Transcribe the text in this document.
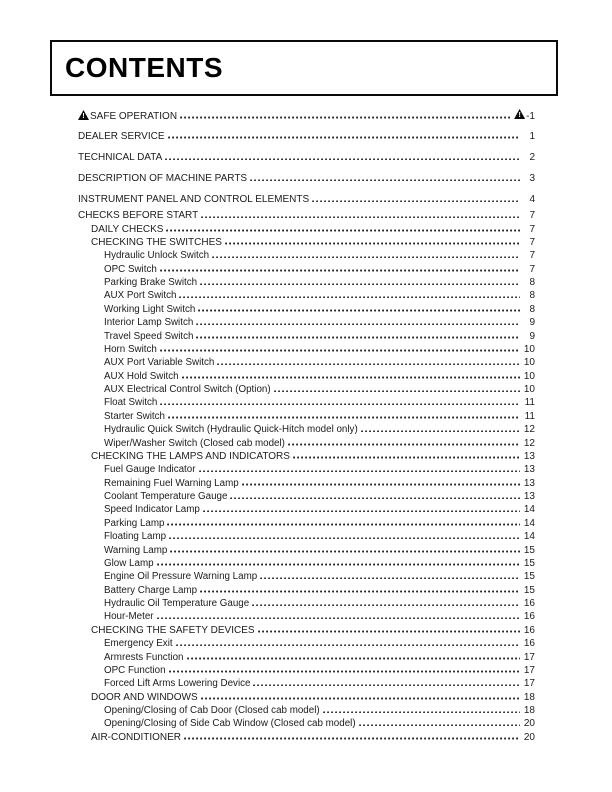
CONTENTS
!SAFE OPERATION !	-1
DEALER SERVICE	1
TECHNICAL DATA	2
DESCRIPTION OF MACHINE PARTS	3
INSTRUMENT PANEL AND CONTROL ELEMENTS	4
CHECKS BEFORE START	7
DAILY CHECKS	7
CHECKING THE SWITCHES	7
Hydraulic Unlock Switch	7
OPC Switch	7
Parking Brake Switch	8
AUX Port Switch	8
Working Light Switch	8
Interior Lamp Switch	9
Travel Speed Switch	9
Horn Switch	10
AUX Port Variable Switch	10
AUX Hold Switch	10
AUX Electrical Control Switch (Option)	10
Float Switch	11
Starter Switch	11
Hydraulic Quick Switch (Hydraulic Quick-Hitch model only)	12
Wiper/Washer Switch (Closed cab model)	12
CHECKING THE LAMPS AND INDICATORS	13
Fuel Gauge Indicator	13
Remaining Fuel Warning Lamp	13
Coolant Temperature Gauge	13
Speed Indicator Lamp	14
Parking Lamp	14
Floating Lamp	14
Warning Lamp	15
Glow Lamp	15
Engine Oil Pressure Warning Lamp	15
Battery Charge Lamp	15
Hydraulic Oil Temperature Gauge	16
Hour-Meter	16
CHECKING THE SAFETY DEVICES	16
Emergency Exit	16
Armrests Function	17
OPC Function	17
Forced Lift Arms Lowering Device	17
DOOR AND WINDOWS	18
Opening/Closing of Cab Door (Closed cab model)	18
Opening/Closing of Side Cab Window (Closed cab model)	20
AIR-CONDITIONER	20
